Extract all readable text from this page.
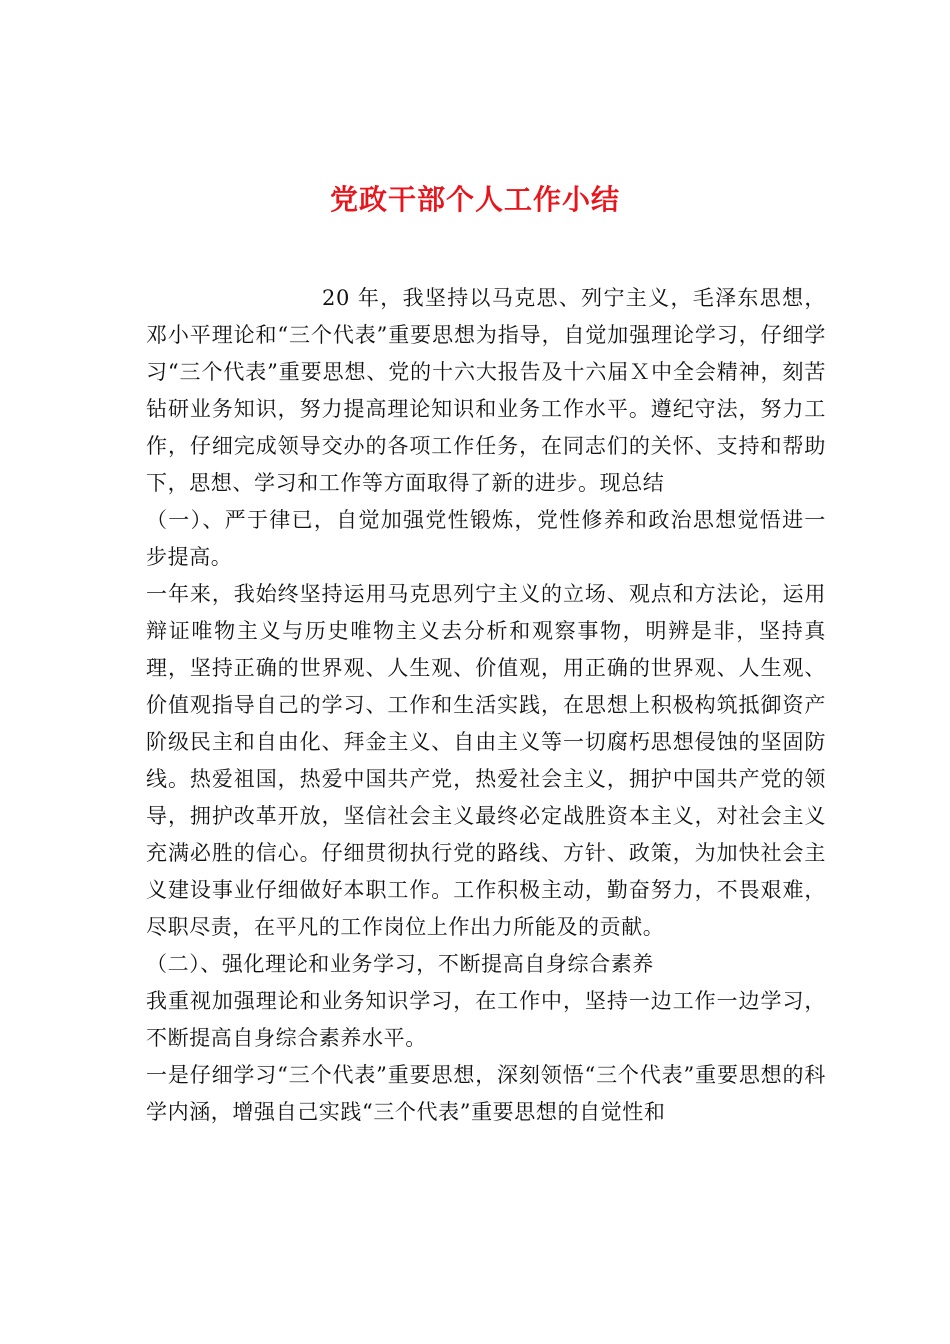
党政干部个人工作小结

20 年，我坚持以马克思、列宁主义，毛泽东思想，邓小平理论和“三个代表”重要思想为指导，自觉加强理论学习，仔细学习“三个代表”重要思想、党的十六大报告及十六届Ｘ中全会精神，刻苦钻研业务知识，努力提高理论知识和业务工作水平。遵纪守法，努力工作，仔细完成领导交办的各项工作任务，在同志们的关怀、支持和帮助下，思想、学习和工作等方面取得了新的进步。现总结

（一）、严于律已，自觉加强党性锻炼，党性修养和政治思想觉悟进一步提高。

一年来，我始终坚持运用马克思列宁主义的立场、观点和方法论，运用辩证唯物主义与历史唯物主义去分析和观察事物，明辨是非，坚持真理，坚持正确的世界观、人生观、价值观，用正确的世界观、人生观、价值观指导自己的学习、工作和生活实践，在思想上积极构筑抵御资产阶级民主和自由化、拜金主义、自由主义等一切腐朽思想侵蚀的坚固防线。热爱祖国，热爱中国共产党，热爱社会主义，拥护中国共产党的领导，拥护改革开放，坚信社会主义最终必定战胜资本主义，对社会主义充满必胜的信心。仔细贯彻执行党的路线、方针、政策，为加快社会主义建设事业仔细做好本职工作。工作积极主动，勤奋努力，不畏艰难，尽职尽责，在平凡的工作岗位上作出力所能及的贡献。

（二）、强化理论和业务学习，不断提高自身综合素养

我重视加强理论和业务知识学习，在工作中，坚持一边工作一边学习，不断提高自身综合素养水平。

一是仔细学习“三个代表”重要思想，深刻领悟“三个代表”重要思想的科学内涵，增强自己实践“三个代表”重要思想的自觉性和
